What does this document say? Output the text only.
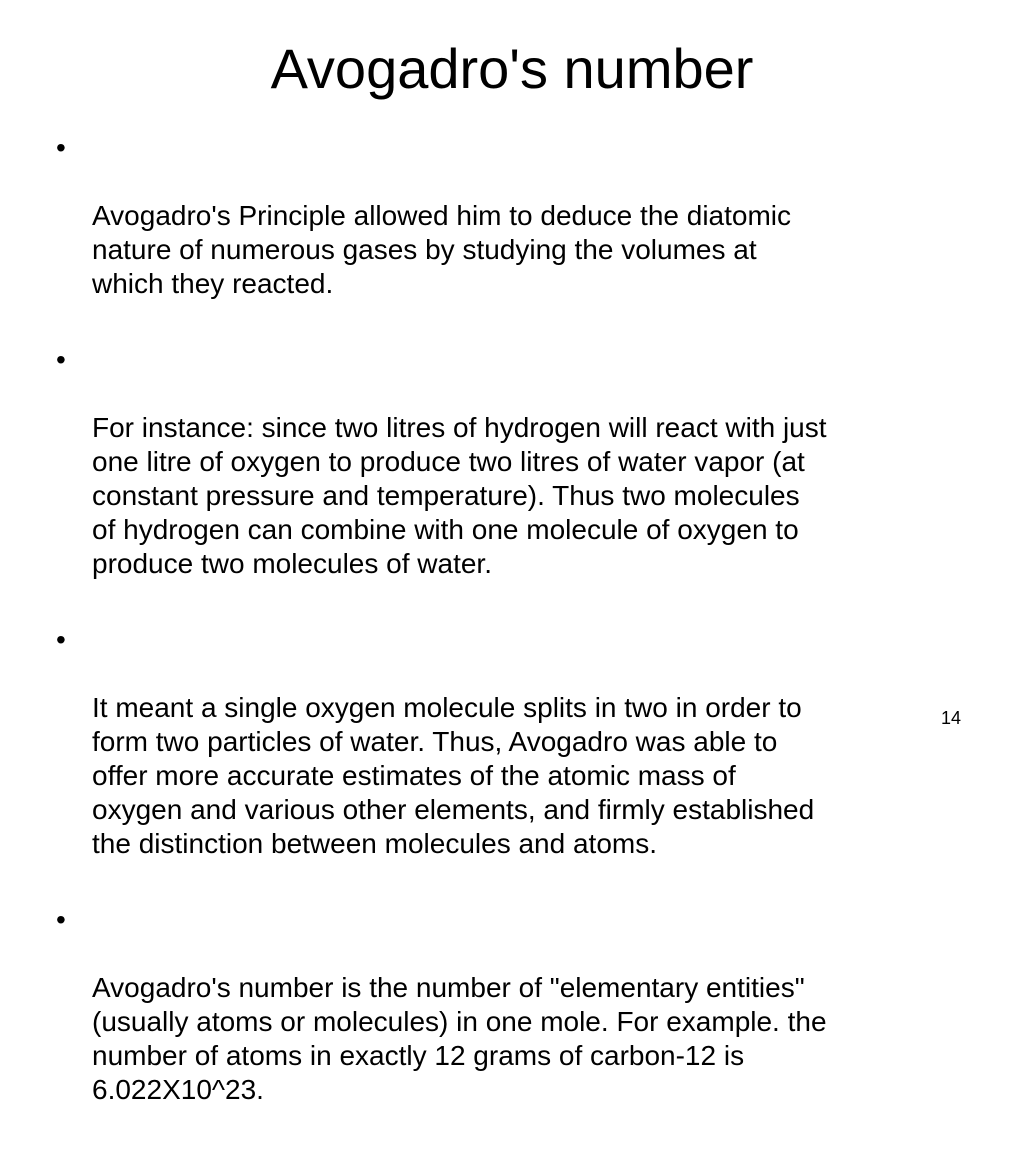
Avogadro's number

•

Avogadro's Principle allowed him to deduce the diatomic
nature of numerous gases by studying the volumes at
which they reacted.

•

For instance: since two litres of hydrogen will react with just
one litre of oxygen to produce two litres of water vapor (at
constant pressure and temperature). Thus two molecules
of hydrogen can combine with one molecule of oxygen to
produce two molecules of water.

•

It meant a single oxygen molecule splits in two in order to
form two particles of water. Thus, Avogadro was able to
offer more accurate estimates of the atomic mass of
oxygen and various other elements, and firmly established
the distinction between molecules and atoms.

•

Avogadro's number is the number of "elementary entities"
(usually atoms or molecules) in one mole. For example. the
number of atoms in exactly 12 grams of carbon-12 is
6.022X10^23.

14
